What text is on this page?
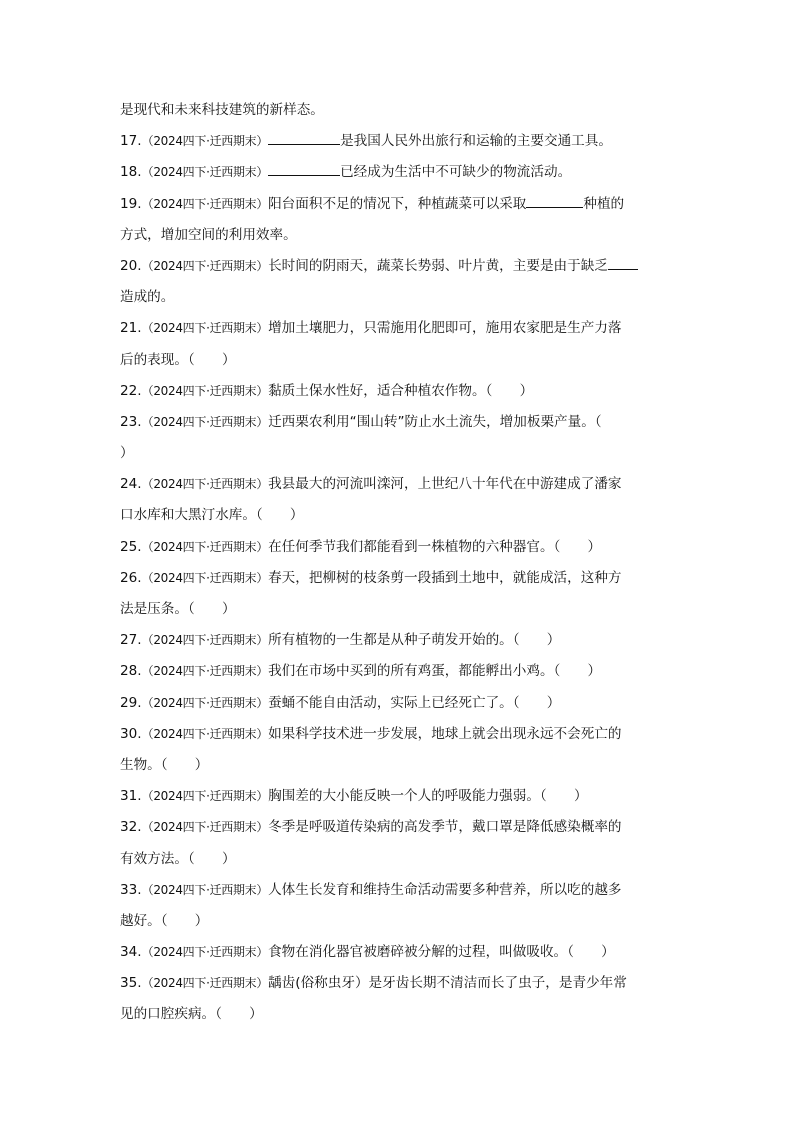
是现代和未来科技建筑的新样态。
17.（2024四下·迁西期末）	是我国人民外出旅行和运输的主要交通工具。
18.（2024四下·迁西期末）	已经成为生活中不可缺少的物流活动。
19.（2024四下·迁西期末）阳台面积不足的情况下，种植蔬菜可以采取	种植的
方式，增加空间的利用效率。
20.（2024四下·迁西期末）长时间的阴雨天，蔬菜长势弱、叶片黄，主要是由于缺乏
造成的。
21.（2024四下·迁西期末）增加土壤肥力，只需施用化肥即可，施用农家肥是生产力落
后的表现。（　　）
22.（2024四下·迁西期末）黏质土保水性好，适合种植农作物。（　　）
23.（2024四下·迁西期末）迁西栗农利用“围山转”防止水土流失，增加板栗产量。（
）
24.（2024四下·迁西期末）我县最大的河流叫滦河，上世纪八十年代在中游建成了潘家
口水库和大黑汀水库。（　　）
25.（2024四下·迁西期末）在任何季节我们都能看到一株植物的六种器官。（　　）
26.（2024四下·迁西期末）春天，把柳树的枝条剪一段插到土地中，就能成活，这种方
法是压条。（　　）
27.（2024四下·迁西期末）所有植物的一生都是从种子萌发开始的。（　　）
28.（2024四下·迁西期末）我们在市场中买到的所有鸡蛋，都能孵出小鸡。（　　）
29.（2024四下·迁西期末）蚕蛹不能自由活动，实际上已经死亡了。（　　）
30.（2024四下·迁西期末）如果科学技术进一步发展，地球上就会出现永远不会死亡的
生物。（　　）
31.（2024四下·迁西期末）胸围差的大小能反映一个人的呼吸能力强弱。（　　）
32.（2024四下·迁西期末）冬季是呼吸道传染病的高发季节，戴口罩是降低感染概率的
有效方法。（　　）
33.（2024四下·迁西期末）人体生长发育和维持生命活动需要多种营养，所以吃的越多
越好。（　　）
34.（2024四下·迁西期末）食物在消化器官被磨碎被分解的过程，叫做吸收。（　　）
35.（2024四下·迁西期末）龋齿(俗称虫牙）是牙齿长期不清洁而长了虫子，是青少年常
见的口腔疾病。（　　）
